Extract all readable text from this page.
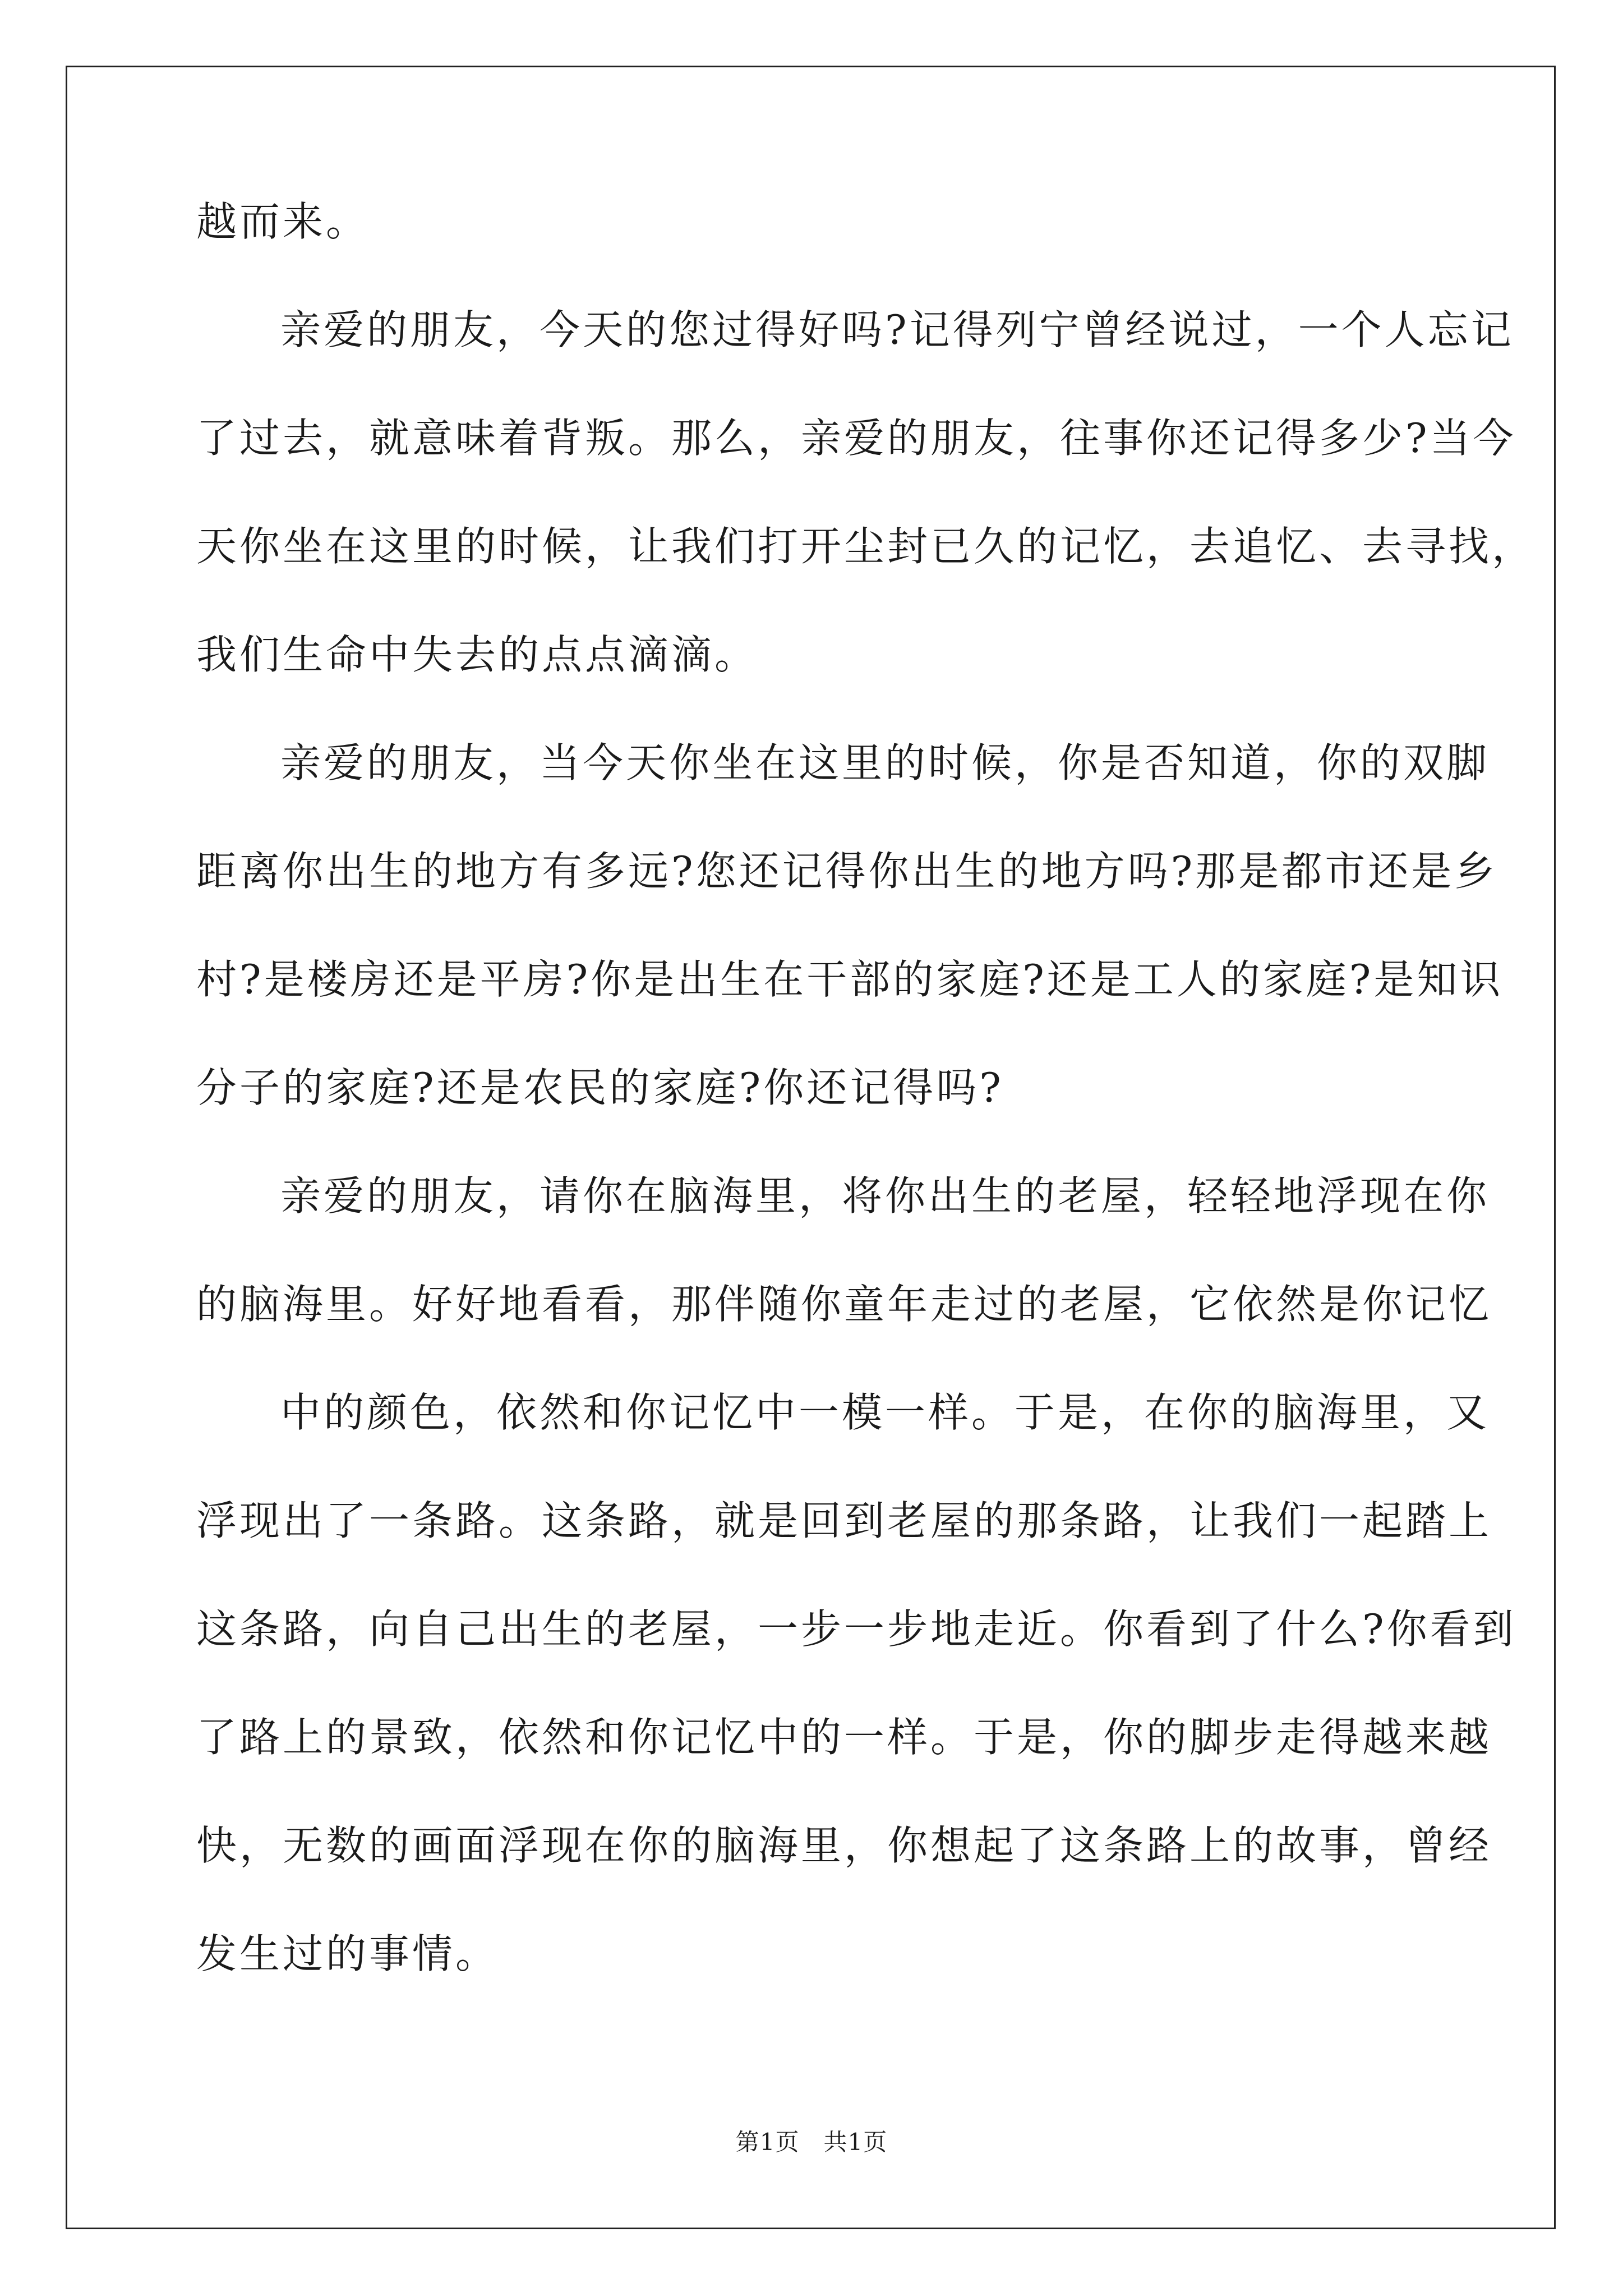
越而来。
亲爱的朋友，今天的您过得好吗?记得列宁曾经说过，一个人忘记
了过去，就意味着背叛。那么，亲爱的朋友，往事你还记得多少?当今
天你坐在这里的时候，让我们打开尘封已久的记忆，去追忆、去寻找，
我们生命中失去的点点滴滴。
亲爱的朋友，当今天你坐在这里的时候，你是否知道，你的双脚
距离你出生的地方有多远?您还记得你出生的地方吗?那是都市还是乡
村?是楼房还是平房?你是出生在干部的家庭?还是工人的家庭?是知识
分子的家庭?还是农民的家庭?你还记得吗?
亲爱的朋友，请你在脑海里，将你出生的老屋，轻轻地浮现在你
的脑海里。好好地看看，那伴随你童年走过的老屋，它依然是你记忆
中的颜色，依然和你记忆中一模一样。于是，在你的脑海里，又
浮现出了一条路。这条路，就是回到老屋的那条路，让我们一起踏上
这条路，向自己出生的老屋，一步一步地走近。你看到了什么?你看到
了路上的景致，依然和你记忆中的一样。于是，你的脚步走得越来越
快，无数的画面浮现在你的脑海里，你想起了这条路上的故事，曾经
发生过的事情。
第1页   共1页
